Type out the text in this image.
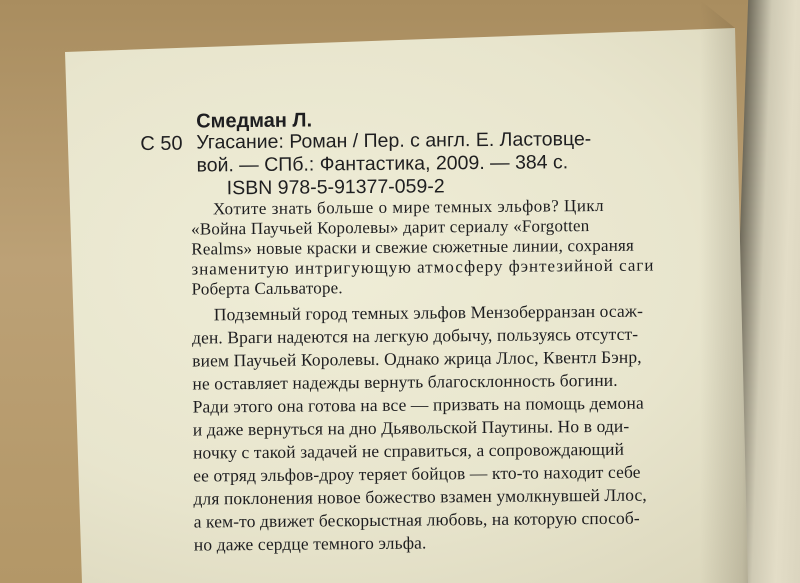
Смедман Л.
С 50 Угасание: Роман / Пер. с англ. Е. Ластовце-
вой. — СПб.: Фантастика, 2009. — 384 с.
ISBN 978-5-91377-059-2
Хотите знать больше о мире темных эльфов? Цикл
«Война Паучьей Королевы» дарит сериалу «Forgotten
Realms» новые краски и свежие сюжетные линии, сохраняя
знаменитую интригующую атмосферу фэнтезийной саги
Роберта Сальваторе.
Подземный город темных эльфов Мензоберранзан осаж-
ден. Враги надеются на легкую добычу, пользуясь отсутст-
вием Паучьей Королевы. Однако жрица Ллос, Квентл Бэнр,
не оставляет надежды вернуть благосклонность богини.
Ради этого она готова на все — призвать на помощь демона
и даже вернуться на дно Дьявольской Паутины. Но в оди-
ночку с такой задачей не справиться, а сопровождающий
ее отряд эльфов-дроу теряет бойцов — кто-то находит себе
для поклонения новое божество взамен умолкнувшей Ллос,
а кем-то движет бескорыстная любовь, на которую способ-
но даже сердце темного эльфа.
